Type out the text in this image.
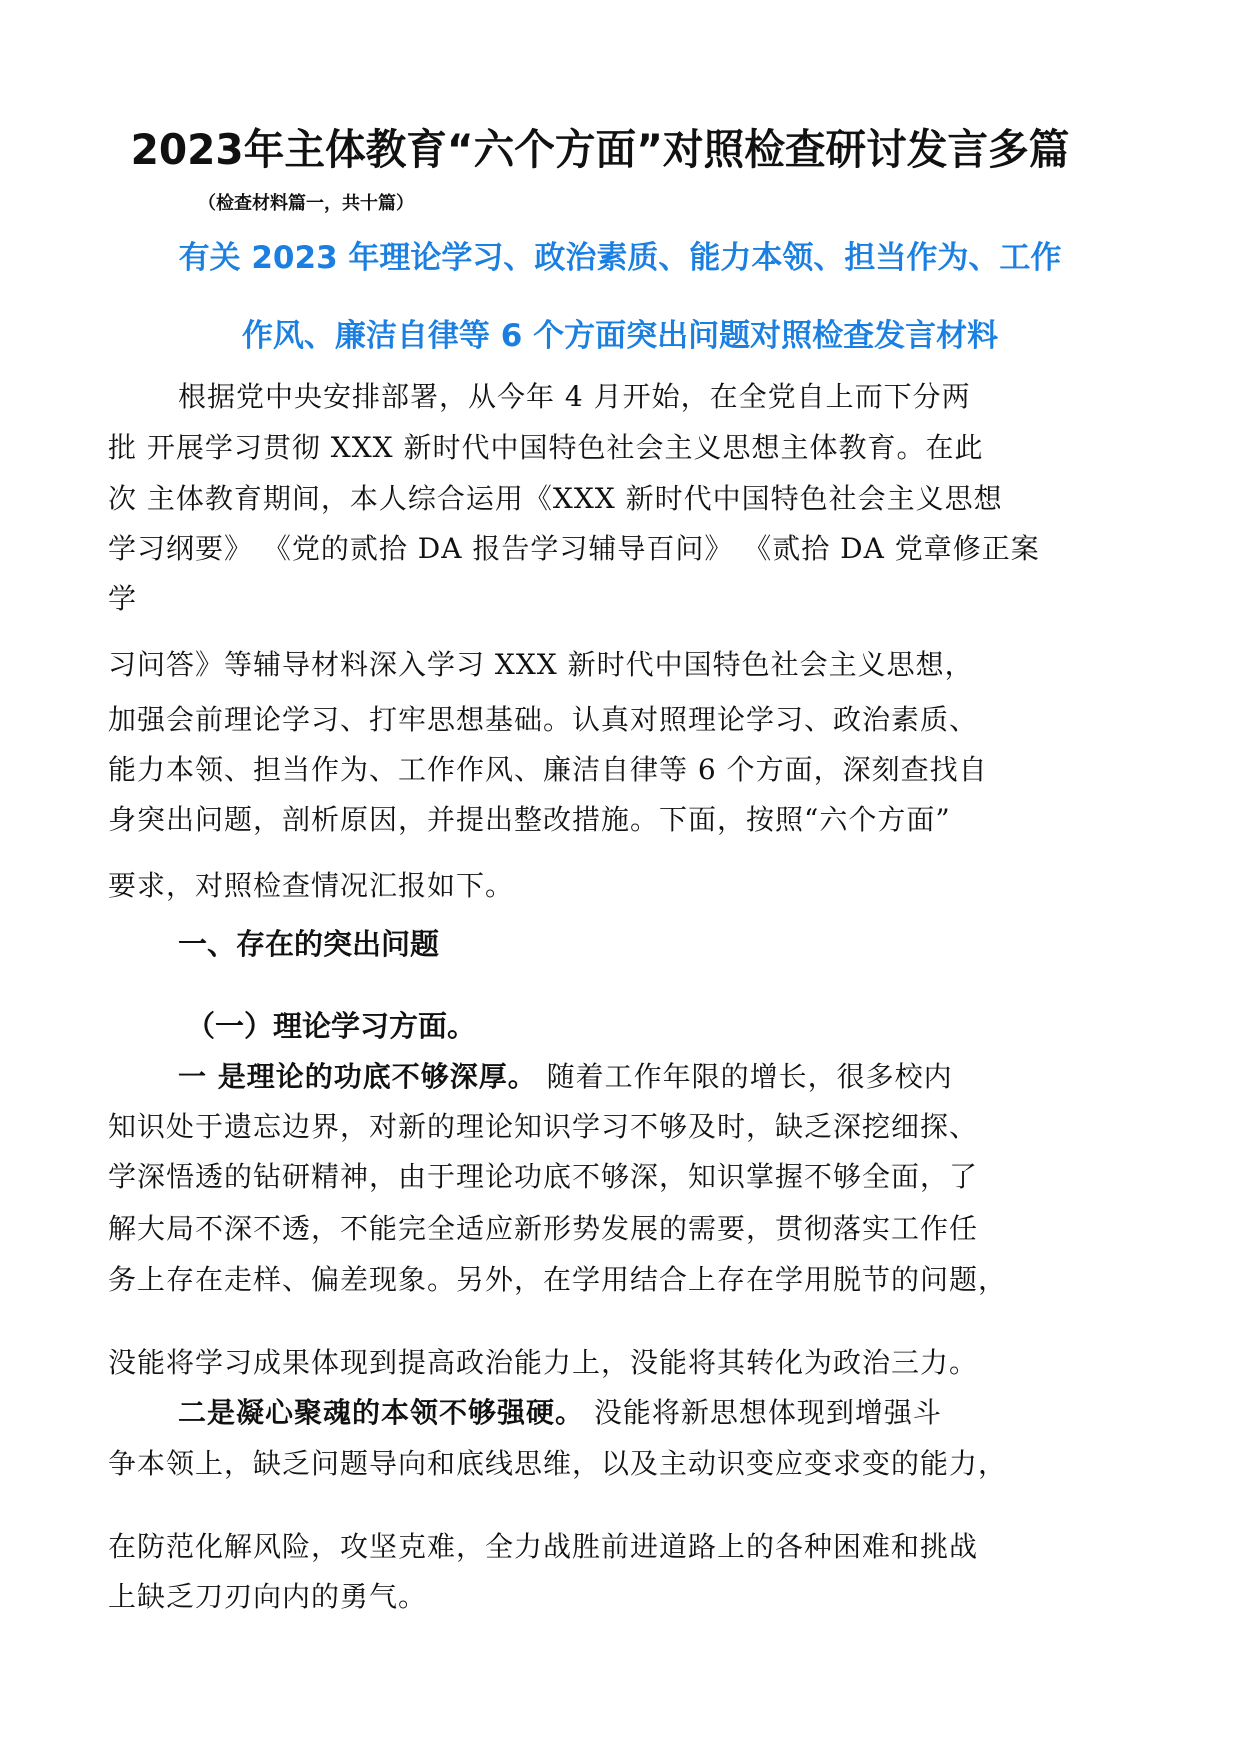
2023年主体教育“六个方面”对照检查研讨发言多篇
（检查材料篇一，共十篇）
有关 2023 年理论学习、政治素质、能力本领、担当作为、工作
作风、廉洁自律等 6 个方面突出问题对照检查发言材料
根据党中央安排部署，从今年 4 月开始，在全党自上而下分两
批 开展学习贯彻 XXX 新时代中国特色社会主义思想主体教育。在此
次 主体教育期间，本人综合运用《XXX 新时代中国特色社会主义思想
学习纲要》 《党的贰拾 DA 报告学习辅导百问》 《贰拾 DA 党章修正案
学
习问答》等辅导材料深入学习 XXX 新时代中国特色社会主义思想，
加强会前理论学习、打牢思想基础。认真对照理论学习、政治素质、
能力本领、担当作为、工作作风、廉洁自律等 6 个方面，深刻查找自
身突出问题，剖析原因，并提出整改措施。下面，按照“六个方面”
要求，对照检查情况汇报如下。
一、存在的突出问题
（一）理论学习方面。
一 是理论的功底不够深厚。 随着工作年限的增长，很多校内
知识处于遗忘边界，对新的理论知识学习不够及时，缺乏深挖细探、
学深悟透的钻研精神，由于理论功底不够深，知识掌握不够全面，了
解大局不深不透，不能完全适应新形势发展的需要，贯彻落实工作任
务上存在走样、偏差现象。另外，在学用结合上存在学用脱节的问题，
没能将学习成果体现到提高政治能力上，没能将其转化为政治三力。
二是凝心聚魂的本领不够强硬。 没能将新思想体现到增强斗
争本领上，缺乏问题导向和底线思维，以及主动识变应变求变的能力，
在防范化解风险，攻坚克难，全力战胜前进道路上的各种困难和挑战
上缺乏刀刃向内的勇气。
